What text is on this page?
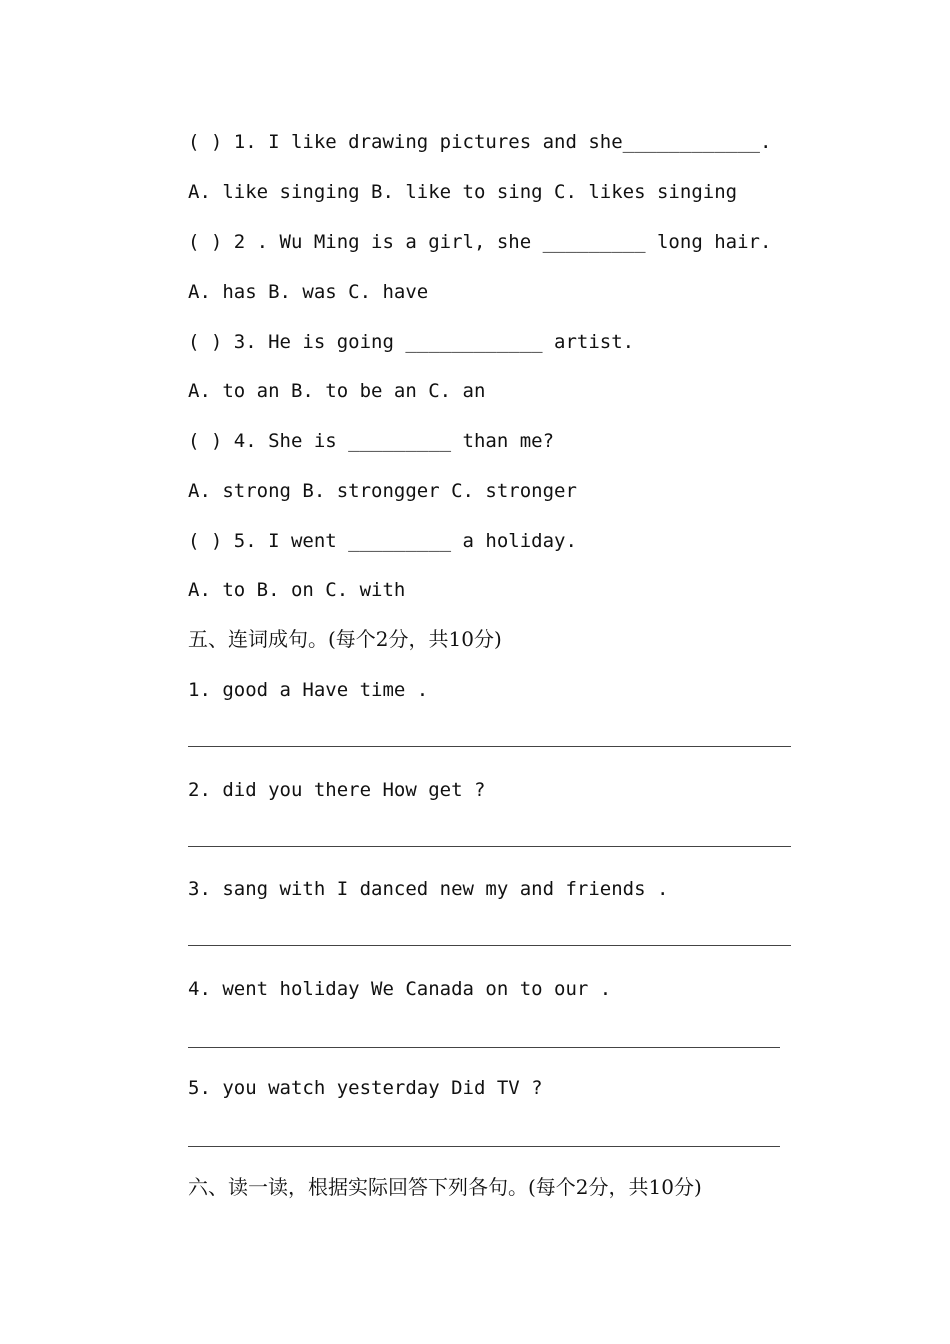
( ) 1. I like drawing pictures and she____________.
A. like singing B. like to sing C. likes singing
( ) 2 . Wu Ming is a girl, she _________ long hair.
A. has B. was C. have
( ) 3. He is going ____________ artist.
A. to an B. to be an C. an
( ) 4. She is _________ than me?
A. strong B. strongger C. stronger
( ) 5. I went _________ a holiday.
A. to B. on C. with
五、连词成句。(每个2分，共10分)
1. good a Have time .
2. did you there How get ?
3. sang with I danced new my and friends .
4. went holiday We Canada on to our .
5. you watch yesterday Did TV ?
六、读一读，根据实际回答下列各句。(每个2分，共10分)
